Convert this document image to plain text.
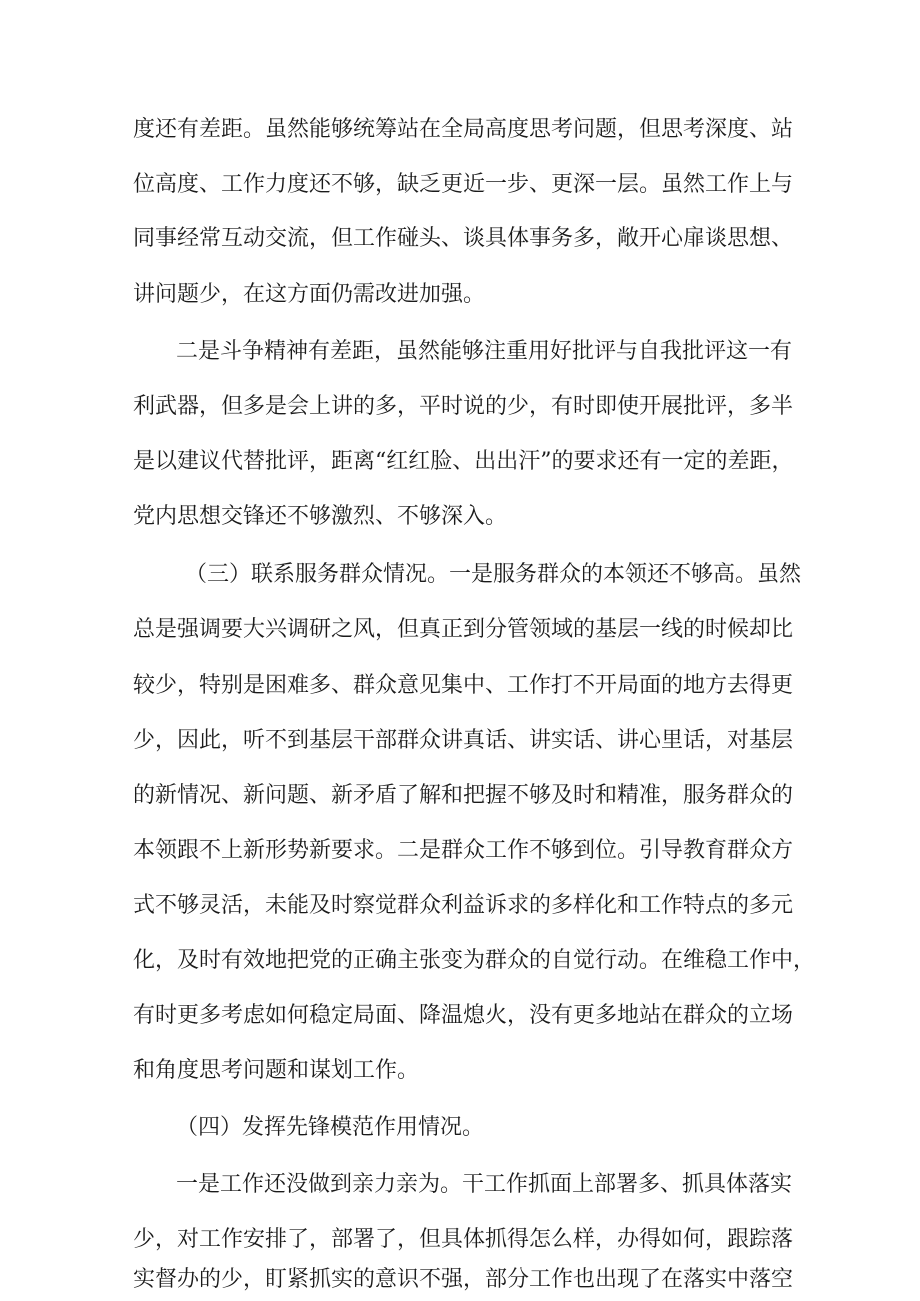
度还有差距。虽然能够统筹站在全局高度思考问题，但思考深度、站
位高度、工作力度还不够，缺乏更近一步、更深一层。虽然工作上与
同事经常互动交流，但工作碰头、谈具体事务多，敞开心扉谈思想、
讲问题少，在这方面仍需改进加强。
二是斗争精神有差距，虽然能够注重用好批评与自我批评这一有
利武器，但多是会上讲的多，平时说的少，有时即使开展批评，多半
是以建议代替批评，距离“红红脸、出出汗”的要求还有一定的差距，
党内思想交锋还不够激烈、不够深入。
（三）联系服务群众情况。一是服务群众的本领还不够高。虽然
总是强调要大兴调研之风，但真正到分管领域的基层一线的时候却比
较少，特别是困难多、群众意见集中、工作打不开局面的地方去得更
少，因此，听不到基层干部群众讲真话、讲实话、讲心里话，对基层
的新情况、新问题、新矛盾了解和把握不够及时和精准，服务群众的
本领跟不上新形势新要求。二是群众工作不够到位。引导教育群众方
式不够灵活，未能及时察觉群众利益诉求的多样化和工作特点的多元
化，及时有效地把党的正确主张变为群众的自觉行动。在维稳工作中，
有时更多考虑如何稳定局面、降温熄火，没有更多地站在群众的立场
和角度思考问题和谋划工作。
（四）发挥先锋模范作用情况。
一是工作还没做到亲力亲为。干工作抓面上部署多、抓具体落实
少，对工作安排了，部署了，但具体抓得怎么样，办得如何，跟踪落
实督办的少，盯紧抓实的意识不强，部分工作也出现了在落实中落空
